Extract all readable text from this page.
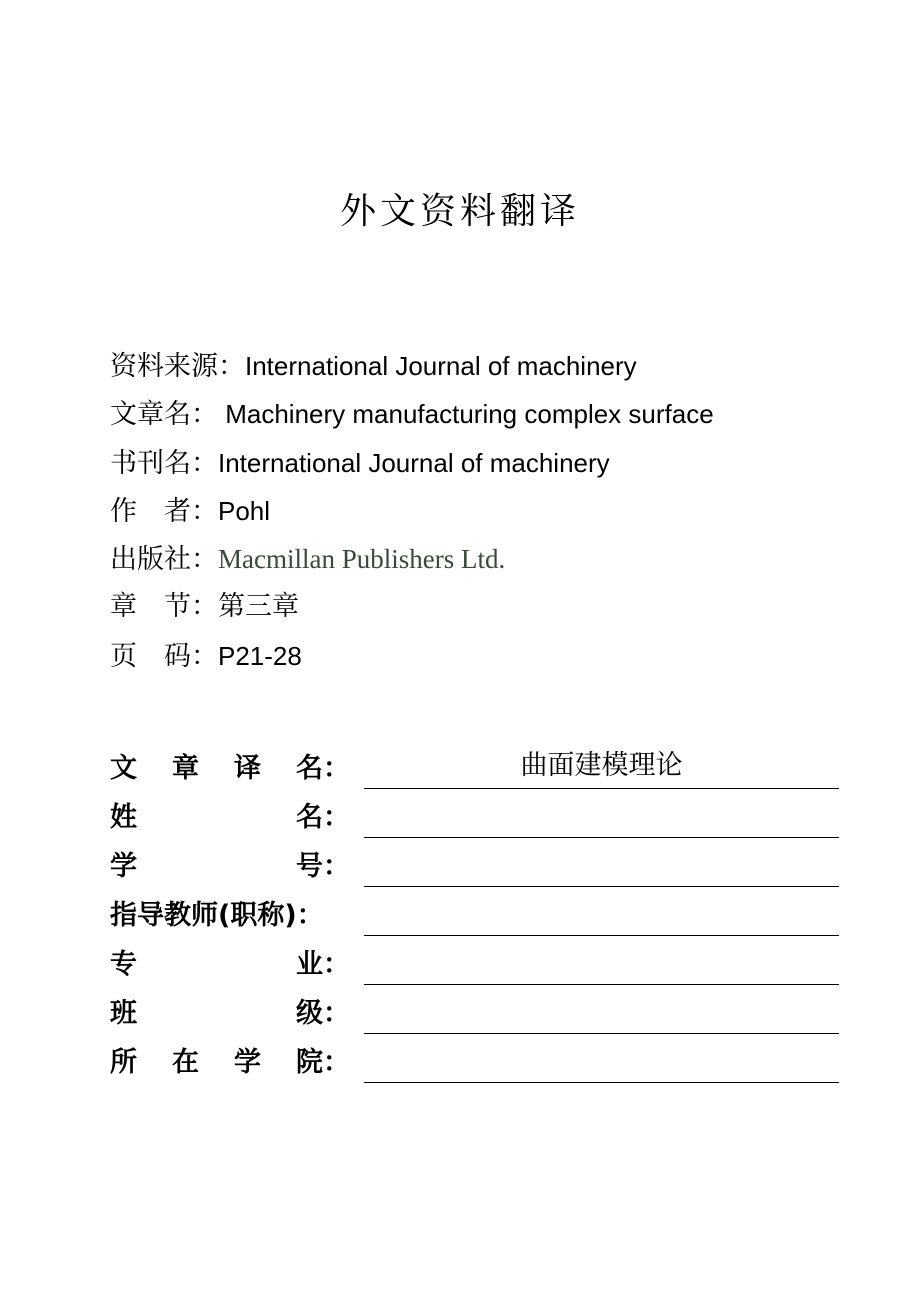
外文资料翻译
资料来源：International Journal of machinery
文章名： Machinery manufacturing complex surface
书刊名：International Journal of machinery
作　者：Pohl
出版社：Macmillan Publishers Ltd.
章　节：第三章
页　码：P21-28
文 章 译 名：	曲面建模理论
姓	名：
学	号：
指导教师(职称)：
专	业：
班	级：
所 在 学 院：
